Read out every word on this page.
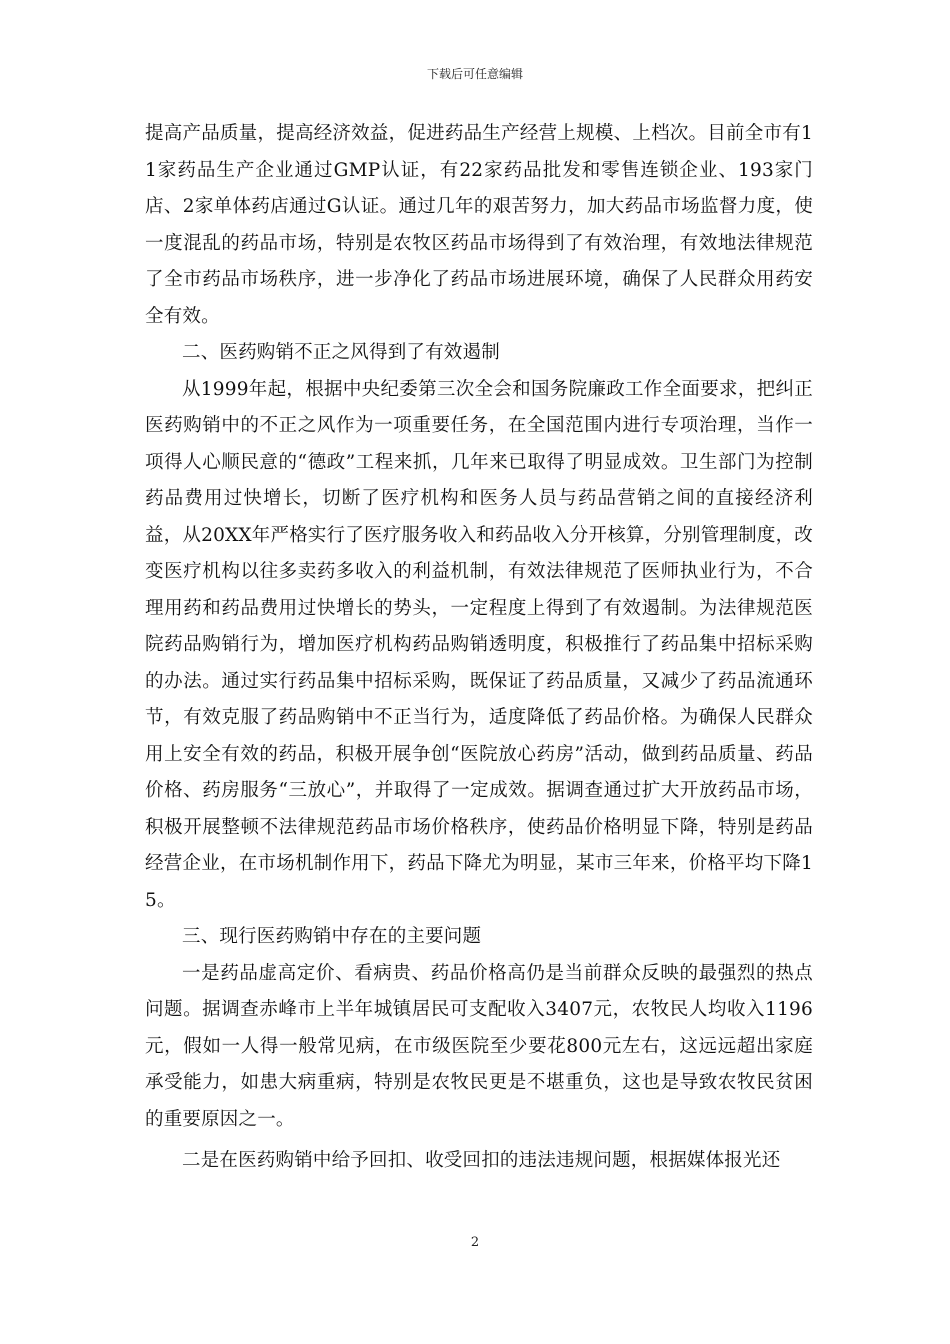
下载后可任意编辑

提高产品质量，提高经济效益，促进药品生产经营上规模、上档次。目前全市有11家药品生产企业通过GMP认证，有22家药品批发和零售连锁企业、193家门店、2家单体药店通过G认证。通过几年的艰苦努力，加大药品市场监督力度，使一度混乱的药品市场，特别是农牧区药品市场得到了有效治理，有效地法律规范了全市药品市场秩序，进一步净化了药品市场进展环境，确保了人民群众用药安全有效。

二、医药购销不正之风得到了有效遏制

从1999年起，根据中央纪委第三次全会和国务院廉政工作全面要求，把纠正医药购销中的不正之风作为一项重要任务，在全国范围内进行专项治理，当作一项得人心顺民意的“德政”工程来抓，几年来已取得了明显成效。卫生部门为控制药品费用过快增长，切断了医疗机构和医务人员与药品营销之间的直接经济利益，从20XX年严格实行了医疗服务收入和药品收入分开核算，分别管理制度，改变医疗机构以往多卖药多收入的利益机制，有效法律规范了医师执业行为，不合理用药和药品费用过快增长的势头，一定程度上得到了有效遏制。为法律规范医院药品购销行为，增加医疗机构药品购销透明度，积极推行了药品集中招标采购的办法。通过实行药品集中招标采购，既保证了药品质量，又减少了药品流通环节，有效克服了药品购销中不正当行为，适度降低了药品价格。为确保人民群众用上安全有效的药品，积极开展争创“医院放心药房”活动，做到药品质量、药品价格、药房服务“三放心”，并取得了一定成效。据调查通过扩大开放药品市场，积极开展整顿不法律规范药品市场价格秩序，使药品价格明显下降，特别是药品经营企业，在市场机制作用下，药品下降尤为明显，某市三年来，价格平均下降15。

三、现行医药购销中存在的主要问题

一是药品虚高定价、看病贵、药品价格高仍是当前群众反映的最强烈的热点问题。据调查赤峰市上半年城镇居民可支配收入3407元，农牧民人均收入1196元，假如一人得一般常见病，在市级医院至少要花800元左右，这远远超出家庭承受能力，如患大病重病，特别是农牧民更是不堪重负，这也是导致农牧民贫困的重要原因之一。

二是在医药购销中给予回扣、收受回扣的违法违规问题，根据媒体报光还

2
